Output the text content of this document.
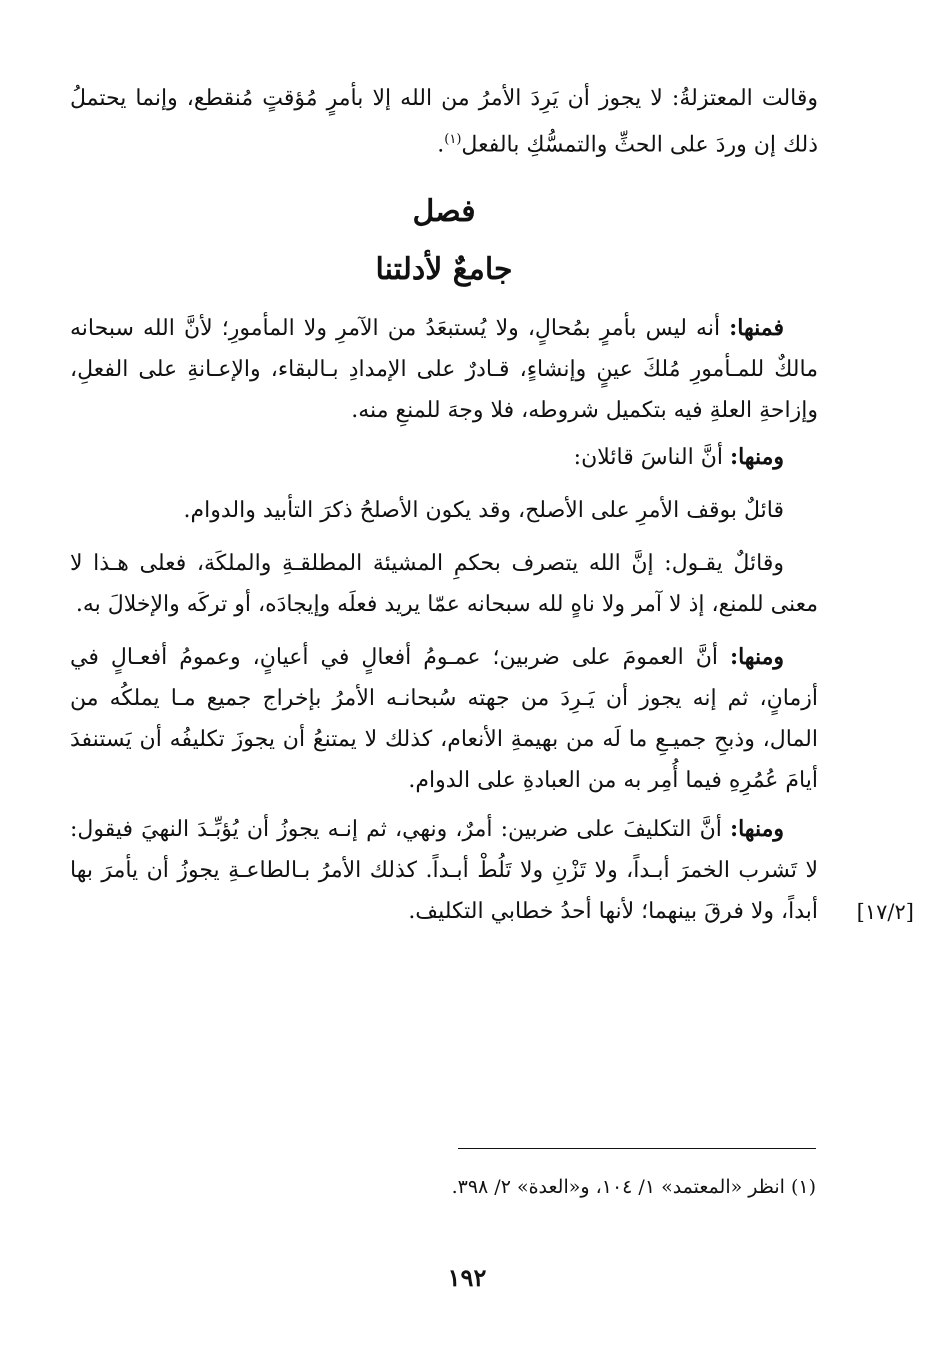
وقالت المعتزلةُ: لا يجوز أن يَرِدَ الأمرُ من الله إلا بأمرٍ مُؤقتٍ مُنقطع، وإنما يحتملُ ذلك إن وردَ على الحثِّ والتمسُّكِ بالفعل$^{(١)}$.

فصل
جامعٌ لأدلتنا

فمنها: أنه ليس بأمرٍ بمُحالٍ، ولا يُستبعَدُ من الآمرِ ولا المأمورِ؛ لأنَّ الله سبحانه مالكٌ للمـأمورِ مُلكَ عينٍ وإنشاءٍ، قـادرٌ على الإمدادِ بـالبقاء، والإعـانةِ على الفعلِ، وإزاحةِ العلةِ فيه بتكميل شروطه، فلا وجهَ للمنعِ منه.

ومنها: أنَّ الناسَ قائلان:

قائلٌ بوقف الأمرِ على الأصلح، وقد يكون الأصلحُ ذكرَ التأبيد والدوام.

وقائلٌ يقـول: إنَّ الله يتصرف بحكمِ المشيئة المطلقـةِ والملكَة، فعلى هـذا لا معنى للمنع، إذ لا آمر ولا ناهٍ لله سبحانه عمّا يريد فعلَه وإيجادَه، أو تركَه والإخلالَ به.

ومنها: أنَّ العمومَ على ضربين؛ عمـومُ أفعالٍ في أعيانٍ، وعمومُ أفعـالٍ في أزمانٍ، ثم إنه يجوز أن يَـرِدَ من جهته سُبحانـه الأمرُ بإخراج جميع مـا يملكُه من المال، وذبحِ جميـعِ ما لَه من بهيمةِ الأنعام، كذلك لا يمتنعُ أن يجوزَ تكليفُه أن يَستنفدَ أيامَ عُمُرِهِ فيما أُمِر به من العبادةِ على الدوام.

ومنها: أنَّ التكليفَ على ضربين: أمرٌ، ونهي، ثم إنـه يجوزُ أن يُؤبِّـدَ النهيَ فيقول: لا تَشرب الخمرَ أبـداً، ولا تَزْنِ ولا تَلُطْ أبـداً. كذلك الأمرُ بـالطاعـةِ يجوزُ أن يأمرَ بها أبداً، ولا فرقَ بينهما؛ لأنها أحدُ خطابي التكليف.	[١٧/٢]
(١) انظر «المعتمد» ١/ ١٠٤، و«العدة» ٢/ ٣٩٨.
١٩٢
